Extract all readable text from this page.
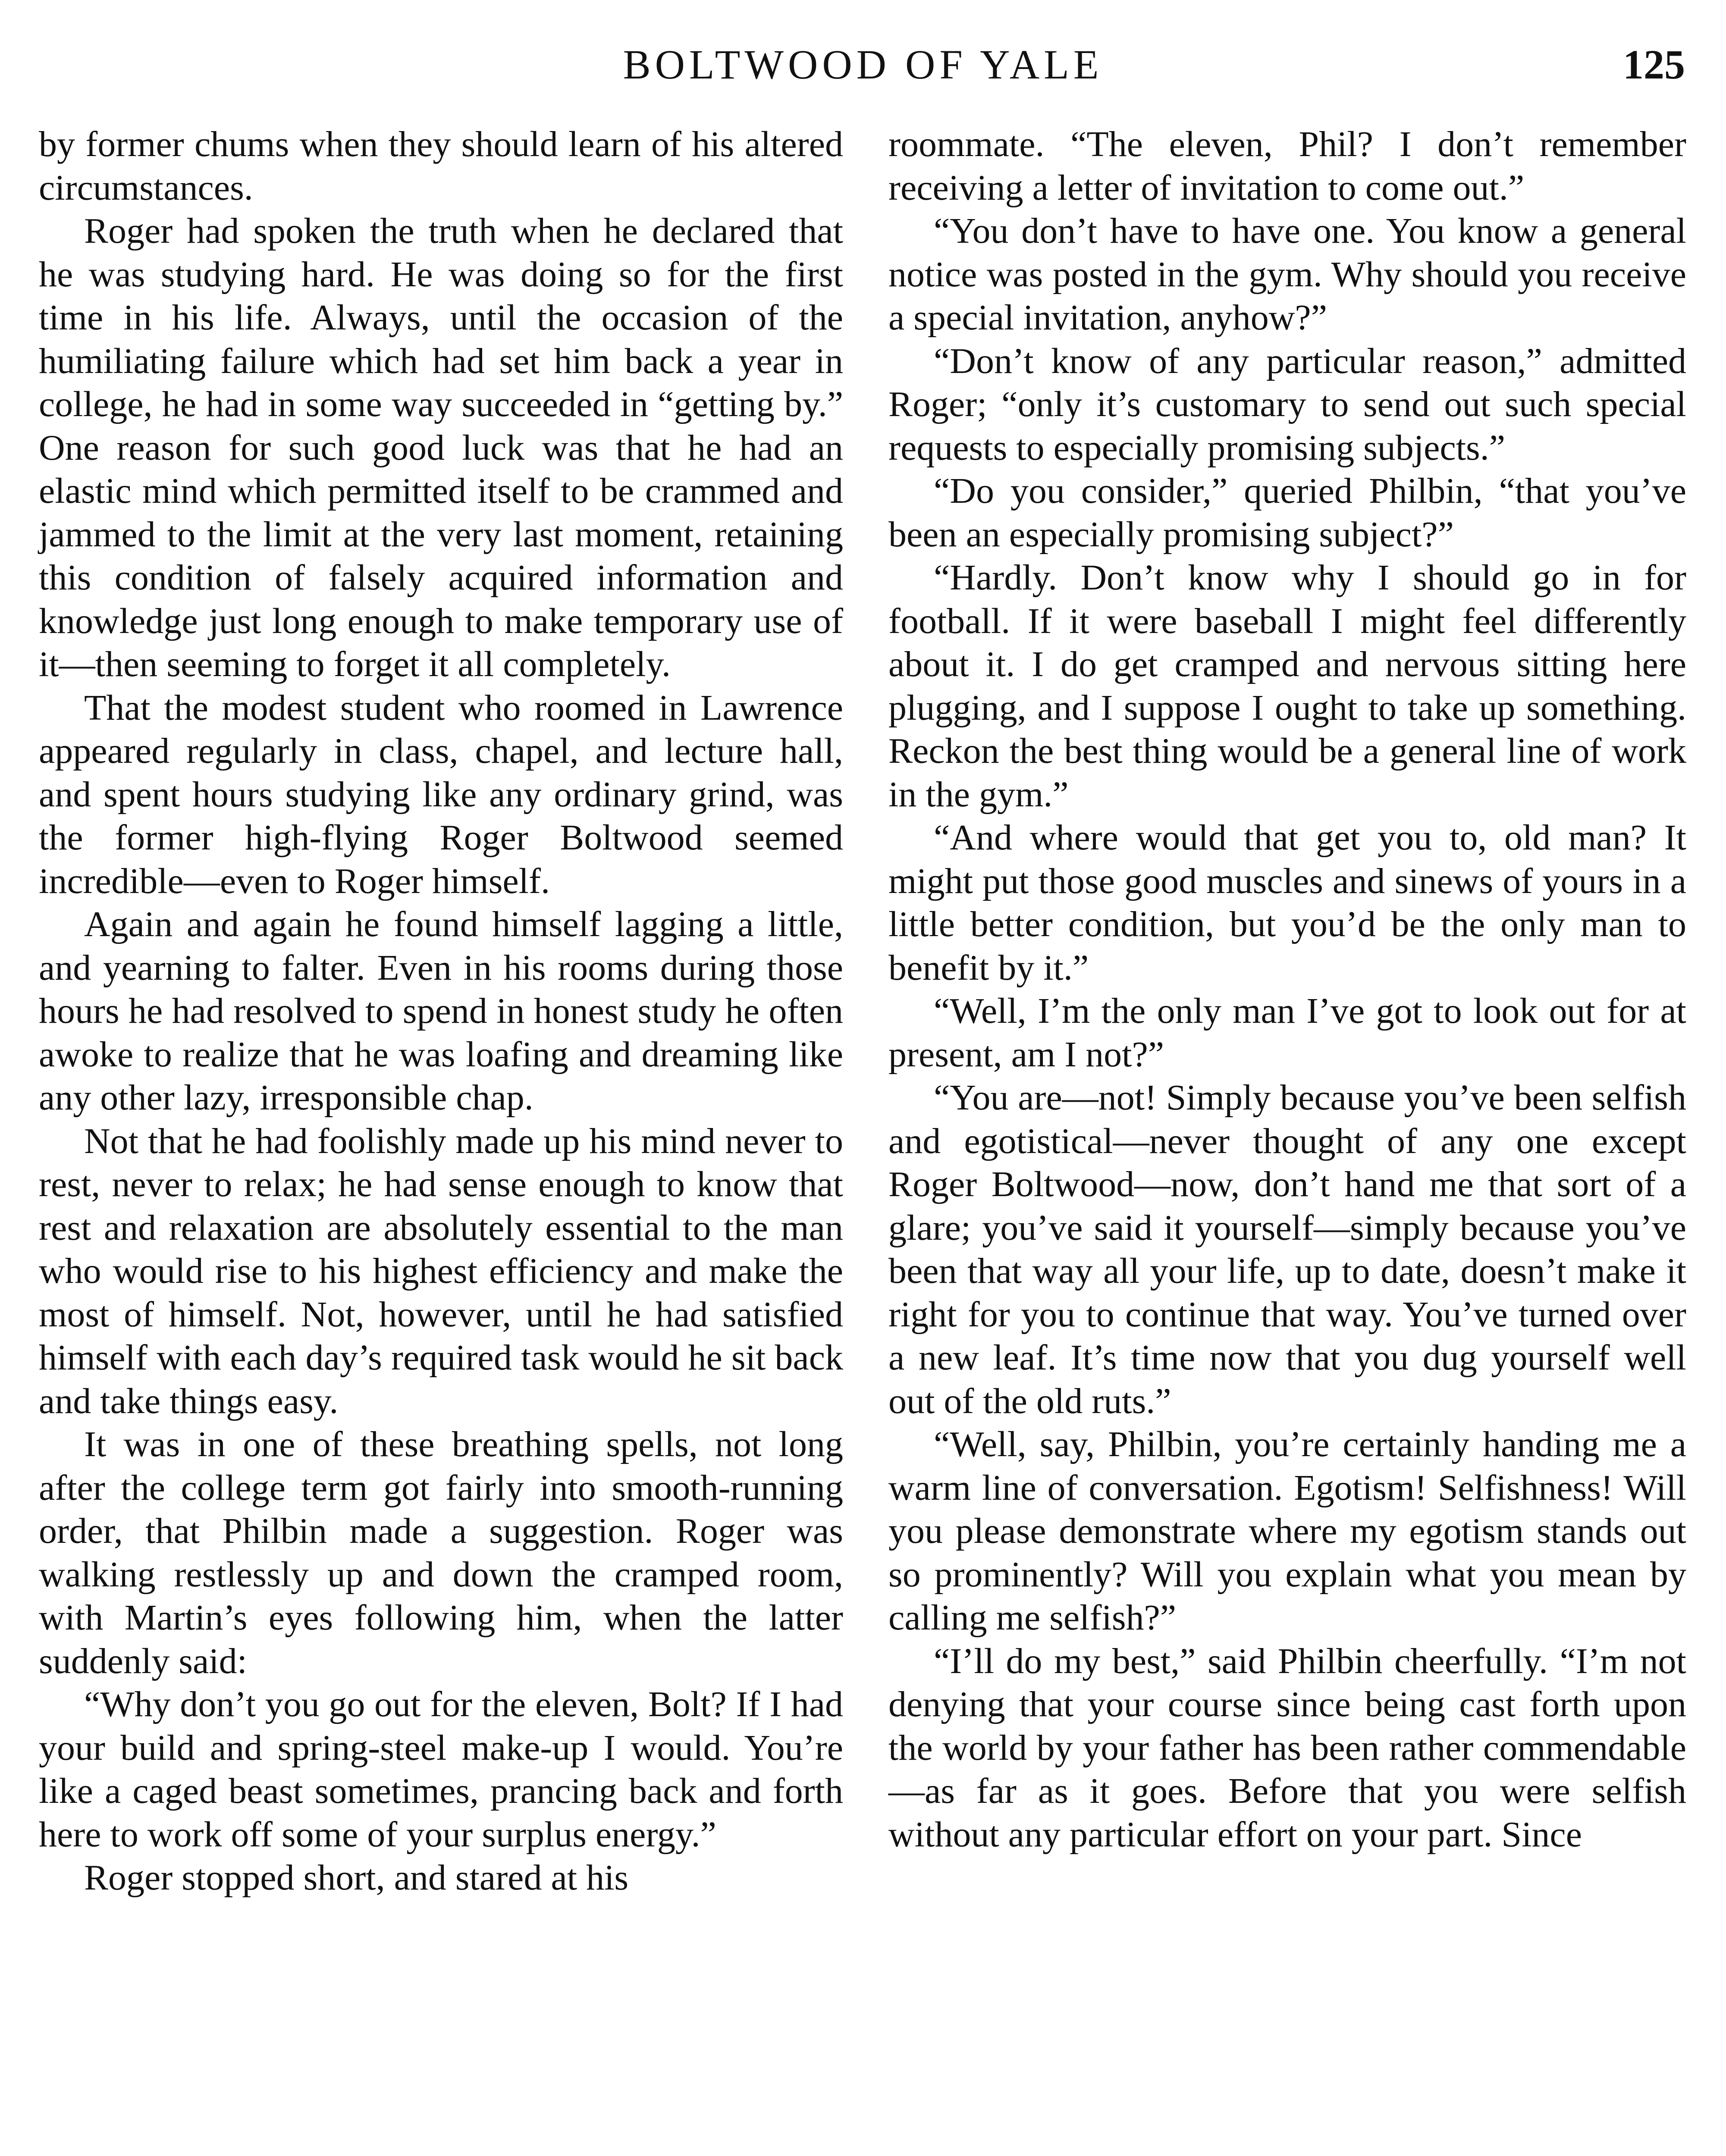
BOLTWOOD OF YALE	125

by former chums when they should learn of his altered circumstances.

Roger had spoken the truth when he declared that he was studying hard. He was doing so for the first time in his life. Always, until the occasion of the humiliating failure which had set him back a year in college, he had in some way succeeded in “getting by.” One reason for such good luck was that he had an elastic mind which permitted itself to be crammed and jammed to the limit at the very last moment, retaining this condition of falsely acquired information and knowledge just long enough to make temporary use of it—then seeming to forget it all completely.

That the modest student who roomed in Lawrence appeared regularly in class, chapel, and lecture hall, and spent hours studying like any ordinary grind, was the former high-flying Roger Boltwood seemed incredible—even to Roger himself.

Again and again he found himself lagging a little, and yearning to falter. Even in his rooms during those hours he had resolved to spend in honest study he often awoke to realize that he was loafing and dreaming like any other lazy, irresponsible chap.

Not that he had foolishly made up his mind never to rest, never to relax; he had sense enough to know that rest and relaxation are absolutely essential to the man who would rise to his highest efficiency and make the most of himself. Not, however, until he had satisfied himself with each day’s required task would he sit back and take things easy.

It was in one of these breathing spells, not long after the college term got fairly into smooth-running order, that Philbin made a suggestion. Roger was walking restlessly up and down the cramped room, with Martin’s eyes following him, when the latter suddenly said:

“Why don’t you go out for the eleven, Bolt? If I had your build and spring-steel make-up I would. You’re like a caged beast sometimes, prancing back and forth here to work off some of your surplus energy.”

Roger stopped short, and stared at his

roommate. “The eleven, Phil? I don’t remember receiving a letter of invitation to come out.”

“You don’t have to have one. You know a general notice was posted in the gym. Why should you receive a special invitation, anyhow?”

“Don’t know of any particular reason,” admitted Roger; “only it’s customary to send out such special requests to especially promising subjects.”

“Do you consider,” queried Philbin, “that you’ve been an especially promising subject?”

“Hardly. Don’t know why I should go in for football. If it were baseball I might feel differently about it. I do get cramped and nervous sitting here plugging, and I suppose I ought to take up something. Reckon the best thing would be a general line of work in the gym.”

“And where would that get you to, old man? It might put those good muscles and sinews of yours in a little better condition, but you’d be the only man to benefit by it.”

“Well, I’m the only man I’ve got to look out for at present, am I not?”

“You are—not! Simply because you’ve been selfish and egotistical—never thought of any one except Roger Boltwood—now, don’t hand me that sort of a glare; you’ve said it yourself—simply because you’ve been that way all your life, up to date, doesn’t make it right for you to continue that way. You’ve turned over a new leaf. It’s time now that you dug yourself well out of the old ruts.”

“Well, say, Philbin, you’re certainly handing me a warm line of conversation. Egotism! Selfishness! Will you please demonstrate where my egotism stands out so prominently? Will you explain what you mean by calling me selfish?”

“I’ll do my best,” said Philbin cheerfully. “I’m not denying that your course since being cast forth upon the world by your father has been rather commendable—as far as it goes. Before that you were selfish without any particular effort on your part. Since
